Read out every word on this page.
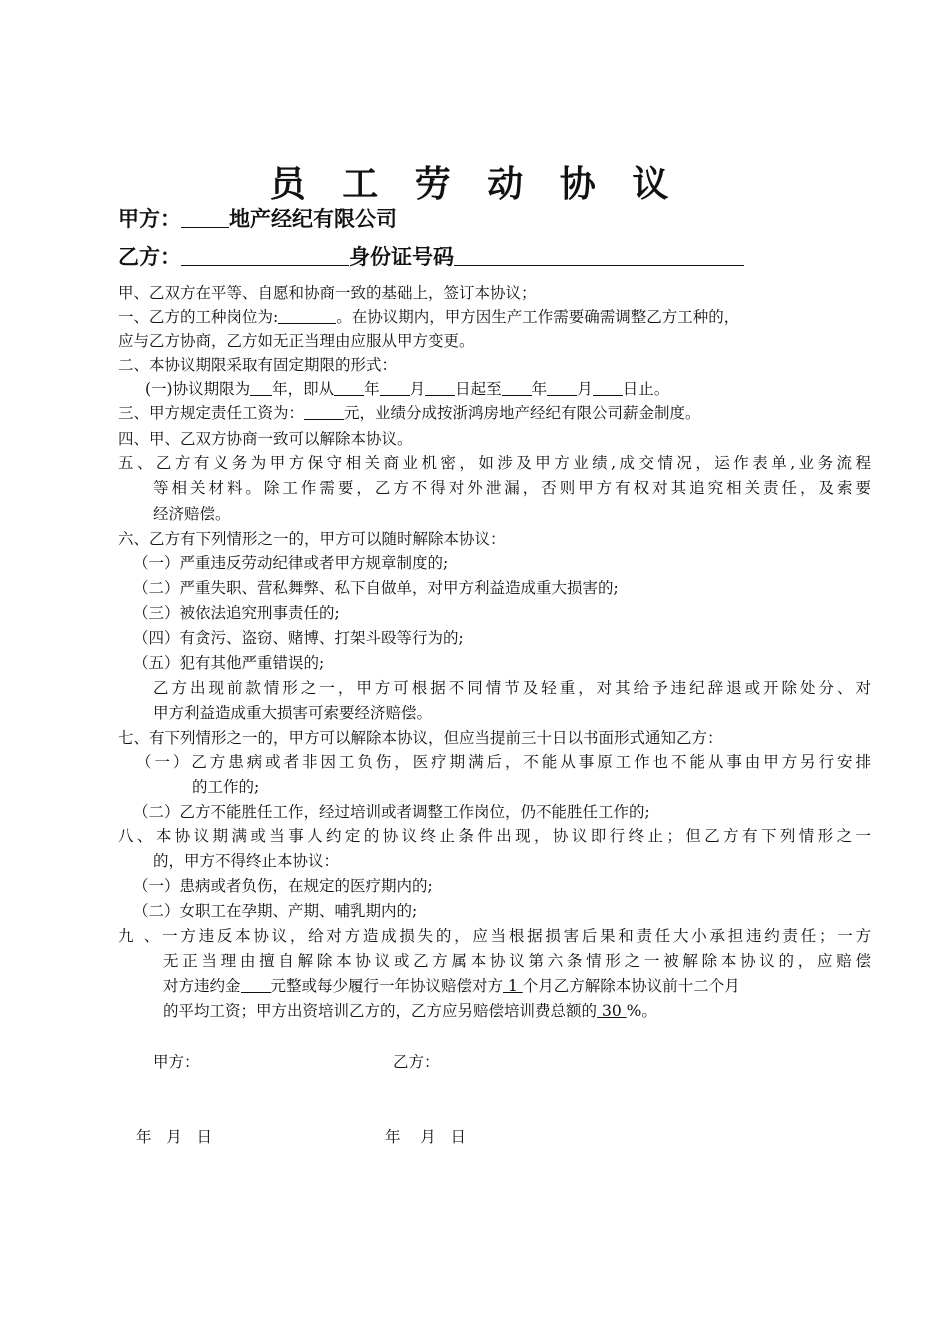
员 工 劳 动 协 议
甲方： 地产经纪有限公司
乙方：	身份证号码
甲、乙双方在平等、自愿和协商一致的基础上，签订本协议；
一、乙方的工种岗位为:	。在协议期内，甲方因生产工作需要确需调整乙方工种的，
应与乙方协商，乙方如无正当理由应服从甲方变更。
二、本协议期限采取有固定期限的形式：
(一)协议期限为 年，即从 年 月 日起至 年 月 日止。
三、甲方规定责任工资为：	元，业绩分成按浙鸿房地产经纪有限公司薪金制度。
四、甲、乙双方协商一致可以解除本协议。
五、乙方有义务为甲方保守相关商业机密，如涉及甲方业绩,成交情况，运作表单,业务流程
等相关材料。除工作需要，乙方不得对外泄漏，否则甲方有权对其追究相关责任，及索要
经济赔偿。
六、乙方有下列情形之一的，甲方可以随时解除本协议：
（一）严重违反劳动纪律或者甲方规章制度的;
（二）严重失职、营私舞弊、私下自做单，对甲方利益造成重大损害的;
（三）被依法追究刑事责任的;
（四）有贪污、盗窃、赌博、打架斗殴等行为的;
（五）犯有其他严重错误的;
乙方出现前款情形之一，甲方可根据不同情节及轻重，对其给予违纪辞退或开除处分、对
甲方利益造成重大损害可索要经济赔偿。
七、有下列情形之一的，甲方可以解除本协议，但应当提前三十日以书面形式通知乙方：
（一）乙方患病或者非因工负伤，医疗期满后，不能从事原工作也不能从事由甲方另行安排
的工作的;
（二）乙方不能胜任工作，经过培训或者调整工作岗位，仍不能胜任工作的;
八、本协议期满或当事人约定的协议终止条件出现，协议即行终止；但乙方有下列情形之一
的，甲方不得终止本协议：
（一）患病或者负伤，在规定的医疗期内的;
（二）女职工在孕期、产期、哺乳期内的;
九 、一方违反本协议，给对方造成损失的，应当根据损害后果和责任大小承担违约责任；一方
无正当理由擅自解除本协议或乙方属本协议第六条情形之一被解除本协议的，应赔偿
对方违约金 元整或每少履行一年协议赔偿对方 1 个月乙方解除本协议前十二个月
的平均工资；甲方出资培训乙方的，乙方应另赔偿培训费总额的 30 %。
甲方：	乙方：
年   月   日	年    月   日
